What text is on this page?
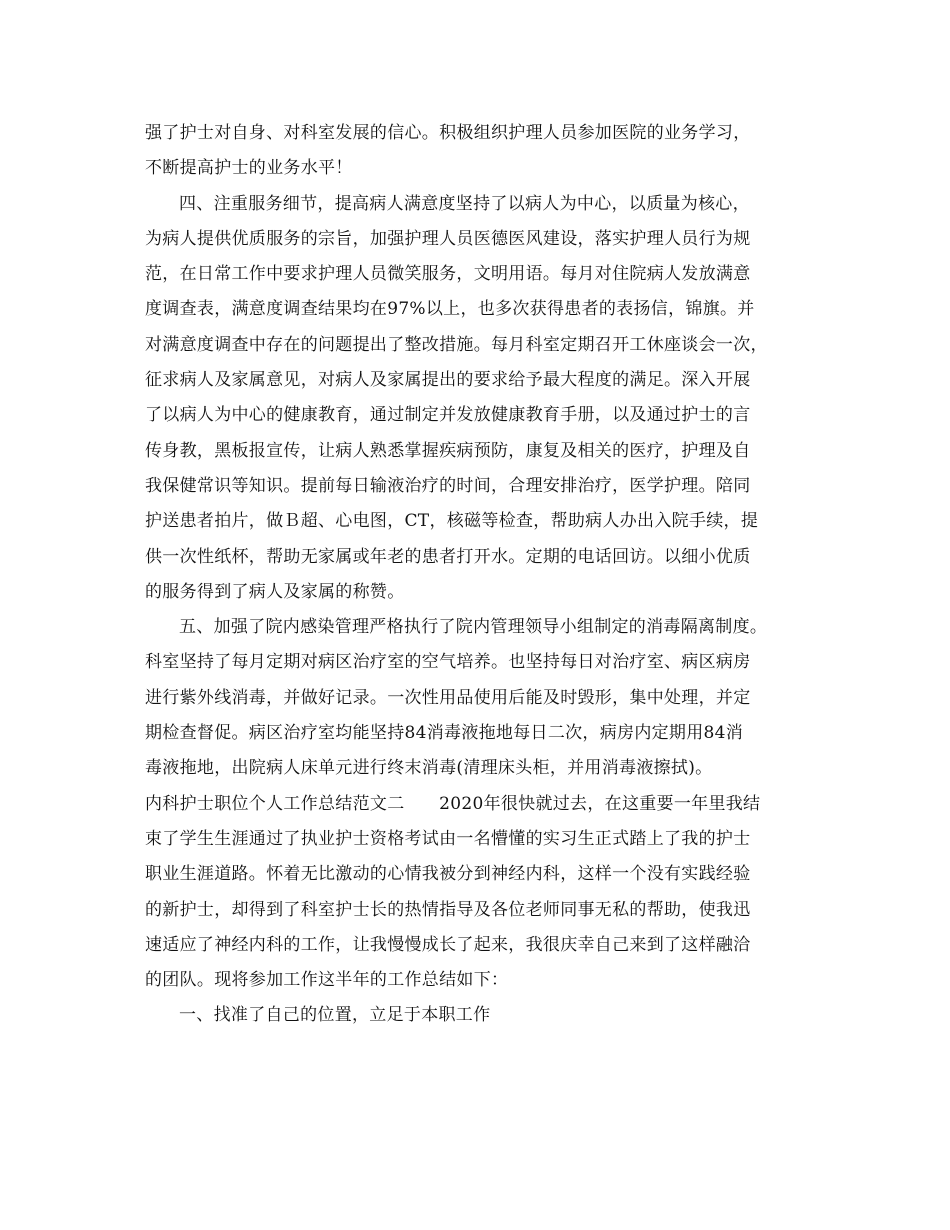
强了护士对自身、对科室发展的信心。积极组织护理人员参加医院的业务学习，
不断提高护士的业务水平！
四、注重服务细节，提高病人满意度坚持了以病人为中心，以质量为核心，
为病人提供优质服务的宗旨，加强护理人员医德医风建设，落实护理人员行为规
范，在日常工作中要求护理人员微笑服务，文明用语。每月对住院病人发放满意
度调查表，满意度调查结果均在97%以上，也多次获得患者的表扬信，锦旗。并
对满意度调查中存在的问题提出了整改措施。每月科室定期召开工休座谈会一次，
征求病人及家属意见，对病人及家属提出的要求给予最大程度的满足。深入开展
了以病人为中心的健康教育，通过制定并发放健康教育手册，以及通过护士的言
传身教，黑板报宣传，让病人熟悉掌握疾病预防，康复及相关的医疗，护理及自
我保健常识等知识。提前每日输液治疗的时间，合理安排治疗，医学护理。陪同
护送患者拍片，做Ｂ超、心电图，CT，核磁等检查，帮助病人办出入院手续，提
供一次性纸杯，帮助无家属或年老的患者打开水。定期的电话回访。以细小优质
的服务得到了病人及家属的称赞。
五、加强了院内感染管理严格执行了院内管理领导小组制定的消毒隔离制度。
科室坚持了每月定期对病区治疗室的空气培养。也坚持每日对治疗室、病区病房
进行紫外线消毒，并做好记录。一次性用品使用后能及时毁形，集中处理，并定
期检查督促。病区治疗室均能坚持84消毒液拖地每日二次，病房内定期用84消
毒液拖地，出院病人床单元进行终末消毒(清理床头柜，并用消毒液擦拭)。
内科护士职位个人工作总结范文二　　2020年很快就过去，在这重要一年里我结
束了学生生涯通过了执业护士资格考试由一名懵懂的实习生正式踏上了我的护士
职业生涯道路。怀着无比激动的心情我被分到神经内科，这样一个没有实践经验
的新护士，却得到了科室护士长的热情指导及各位老师同事无私的帮助，使我迅
速适应了神经内科的工作，让我慢慢成长了起来，我很庆幸自己来到了这样融洽
的团队。现将参加工作这半年的工作总结如下：
一、找准了自己的位置，立足于本职工作
